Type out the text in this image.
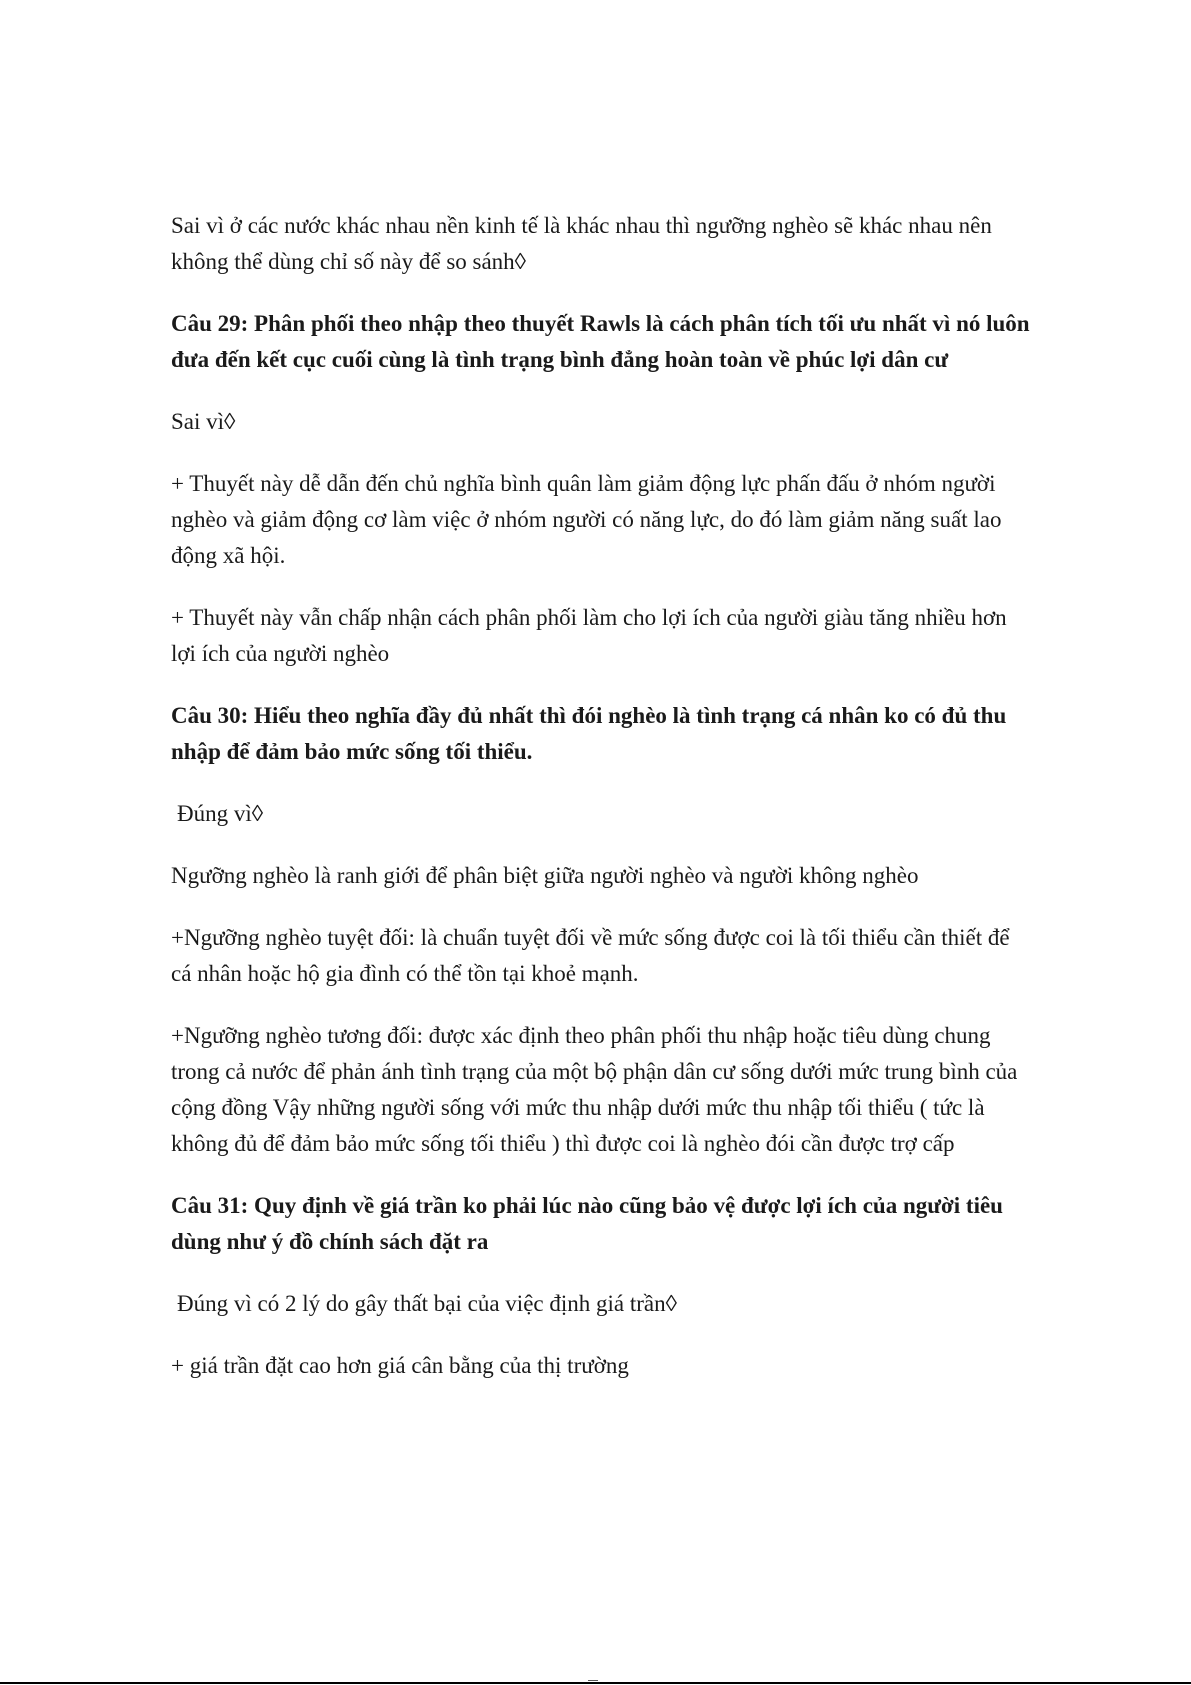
Sai vì ở các nước khác nhau nền kinh tế là khác nhau thì ngưỡng nghèo sẽ khác nhau nên không thể dùng chỉ số này để so sánh◊

Câu 29: Phân phối theo nhập theo thuyết Rawls là cách phân tích tối ưu nhất vì nó luôn đưa đến kết cục cuối cùng là tình trạng bình đẳng hoàn toàn về phúc lợi dân cư

Sai vì◊

+ Thuyết này dễ dẫn đến chủ nghĩa bình quân làm giảm động lực phấn đấu ở nhóm người nghèo và giảm động cơ làm việc ở nhóm người có năng lực, do đó làm giảm năng suất lao động xã hội.

+ Thuyết này vẫn chấp nhận cách phân phối làm cho lợi ích của người giàu tăng nhiều hơn lợi ích của người nghèo

Câu 30: Hiểu theo nghĩa đầy đủ nhất thì đói nghèo là tình trạng cá nhân ko có đủ thu nhập để đảm bảo mức sống tối thiểu.

Đúng vì◊

Ngưỡng nghèo là ranh giới để phân biệt giữa người nghèo và người không nghèo

+Ngưỡng nghèo tuyệt đối: là chuẩn tuyệt đối về mức sống được coi là tối thiểu cần thiết để cá nhân hoặc hộ gia đình có thể tồn tại khoẻ mạnh.

+Ngưỡng nghèo tương đối: được xác định theo phân phối thu nhập hoặc tiêu dùng chung trong cả nước để phản ánh tình trạng của một bộ phận dân cư sống dưới mức trung bình của cộng đồng Vậy những người sống với mức thu nhập dưới mức thu nhập tối thiểu ( tức là không đủ để đảm bảo mức sống tối thiểu ) thì được coi là nghèo đói cần được trợ cấp

Câu 31: Quy định về giá trần ko phải lúc nào cũng bảo vệ được lợi ích của người tiêu dùng như ý đồ chính sách đặt ra

Đúng vì có 2 lý do gây thất bại của việc định giá trần◊

+ giá trần đặt cao hơn giá cân bằng của thị trường
